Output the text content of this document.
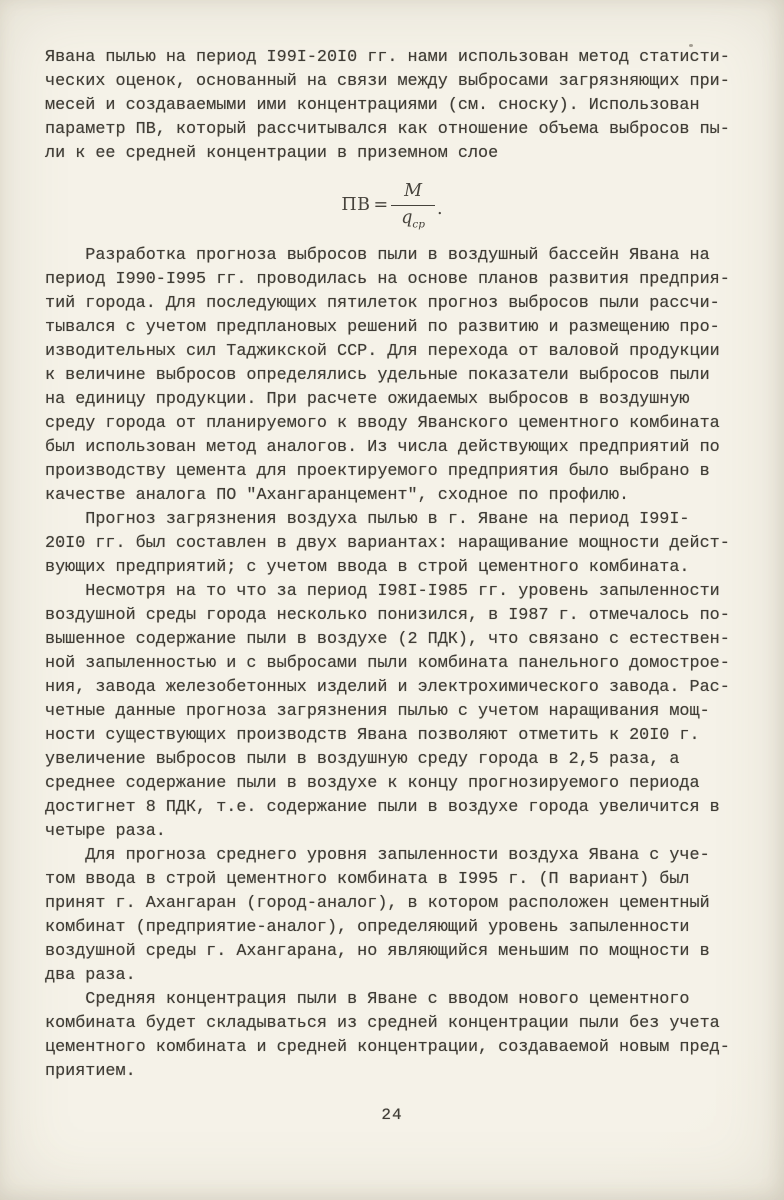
Явана пылью на период I99I-20I0 гг. нами использован метод статисти-
ческих оценок, основанный на связи между выбросами загрязняющих при-
месей и создаваемыми ими концентрациями (см. сноску). Использован
параметр ПВ, который рассчитывался как отношение объема выбросов пы-
ли к ее средней концентрации в приземном слое
ПВ = $\frac{M}{q_{ср}}$ .
Разработка прогноза выбросов пыли в воздушный бассейн Явана на
период I990-I995 гг. проводилась на основе планов развития предприя-
тий города. Для последующих пятилеток прогноз выбросов пыли рассчи-
тывался с учетом предплановых решений по развитию и размещению про-
изводительных сил Таджикской ССР. Для перехода от валовой продукции
к величине выбросов определялись удельные показатели выбросов пыли
на единицу продукции. При расчете ожидаемых выбросов в воздушную
среду города от планируемого к вводу Яванского цементного комбината
был использован метод аналогов. Из числа действующих предприятий по
производству цемента для проектируемого предприятия было выбрано в
качестве аналога ПО "Ахангаранцемент", сходное по профилю.
Прогноз загрязнения воздуха пылью в г. Яване на период I99I-
20I0 гг. был составлен в двух вариантах: наращивание мощности дейст-
вующих предприятий; с учетом ввода в строй цементного комбината.
Несмотря на то что за период I98I-I985 гг. уровень запыленности
воздушной среды города несколько понизился, в I987 г. отмечалось по-
вышенное содержание пыли в воздухе (2 ПДК), что связано с естествен-
ной запыленностью и с выбросами пыли комбината панельного домострое-
ния, завода железобетонных изделий и электрохимического завода. Рас-
четные данные прогноза загрязнения пылью с учетом наращивания мощ-
ности существующих производств Явана позволяют отметить к 20I0 г.
увеличение выбросов пыли в воздушную среду города в 2,5 раза, а
среднее содержание пыли в воздухе к концу прогнозируемого периода
достигнет 8 ПДК, т.е. содержание пыли в воздухе города увеличится в
четыре раза.
Для прогноза среднего уровня запыленности воздуха Явана с уче-
том ввода в строй цементного комбината в I995 г. (П вариант) был
принят г. Ахангаран (город-аналог), в котором расположен цементный
комбинат (предприятие-аналог), определяющий уровень запыленности
воздушной среды г. Ахангарана, но являющийся меньшим по мощности в
два раза.
Средняя концентрация пыли в Яване с вводом нового цементного
комбината будет складываться из средней концентрации пыли без учета
цементного комбината и средней концентрации, создаваемой новым пред-
приятием.
24
